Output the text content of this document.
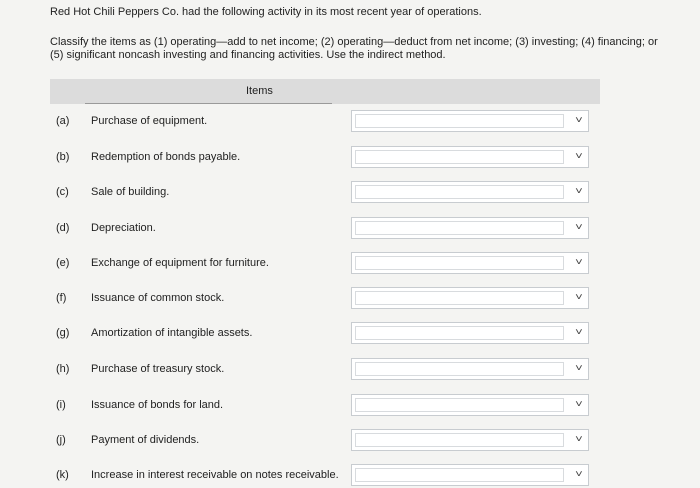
Red Hot Chili Peppers Co. had the following activity in its most recent year of operations.

Classify the items as (1) operating—add to net income; (2) operating—deduct from net income; (3) investing; (4) financing; or (5) significant noncash investing and financing activities. Use the indirect method.

Items
(a) Purchase of equipment.	˅
(b) Redemption of bonds payable.	˅
(c) Sale of building.	˅
(d) Depreciation.	˅
(e) Exchange of equipment for furniture.	˅
(f) Issuance of common stock.	˅
(g) Amortization of intangible assets.	˅
(h) Purchase of treasury stock.	˅
(i) Issuance of bonds for land.	˅
(j) Payment of dividends.	˅
(k) Increase in interest receivable on notes receivable.	˅
